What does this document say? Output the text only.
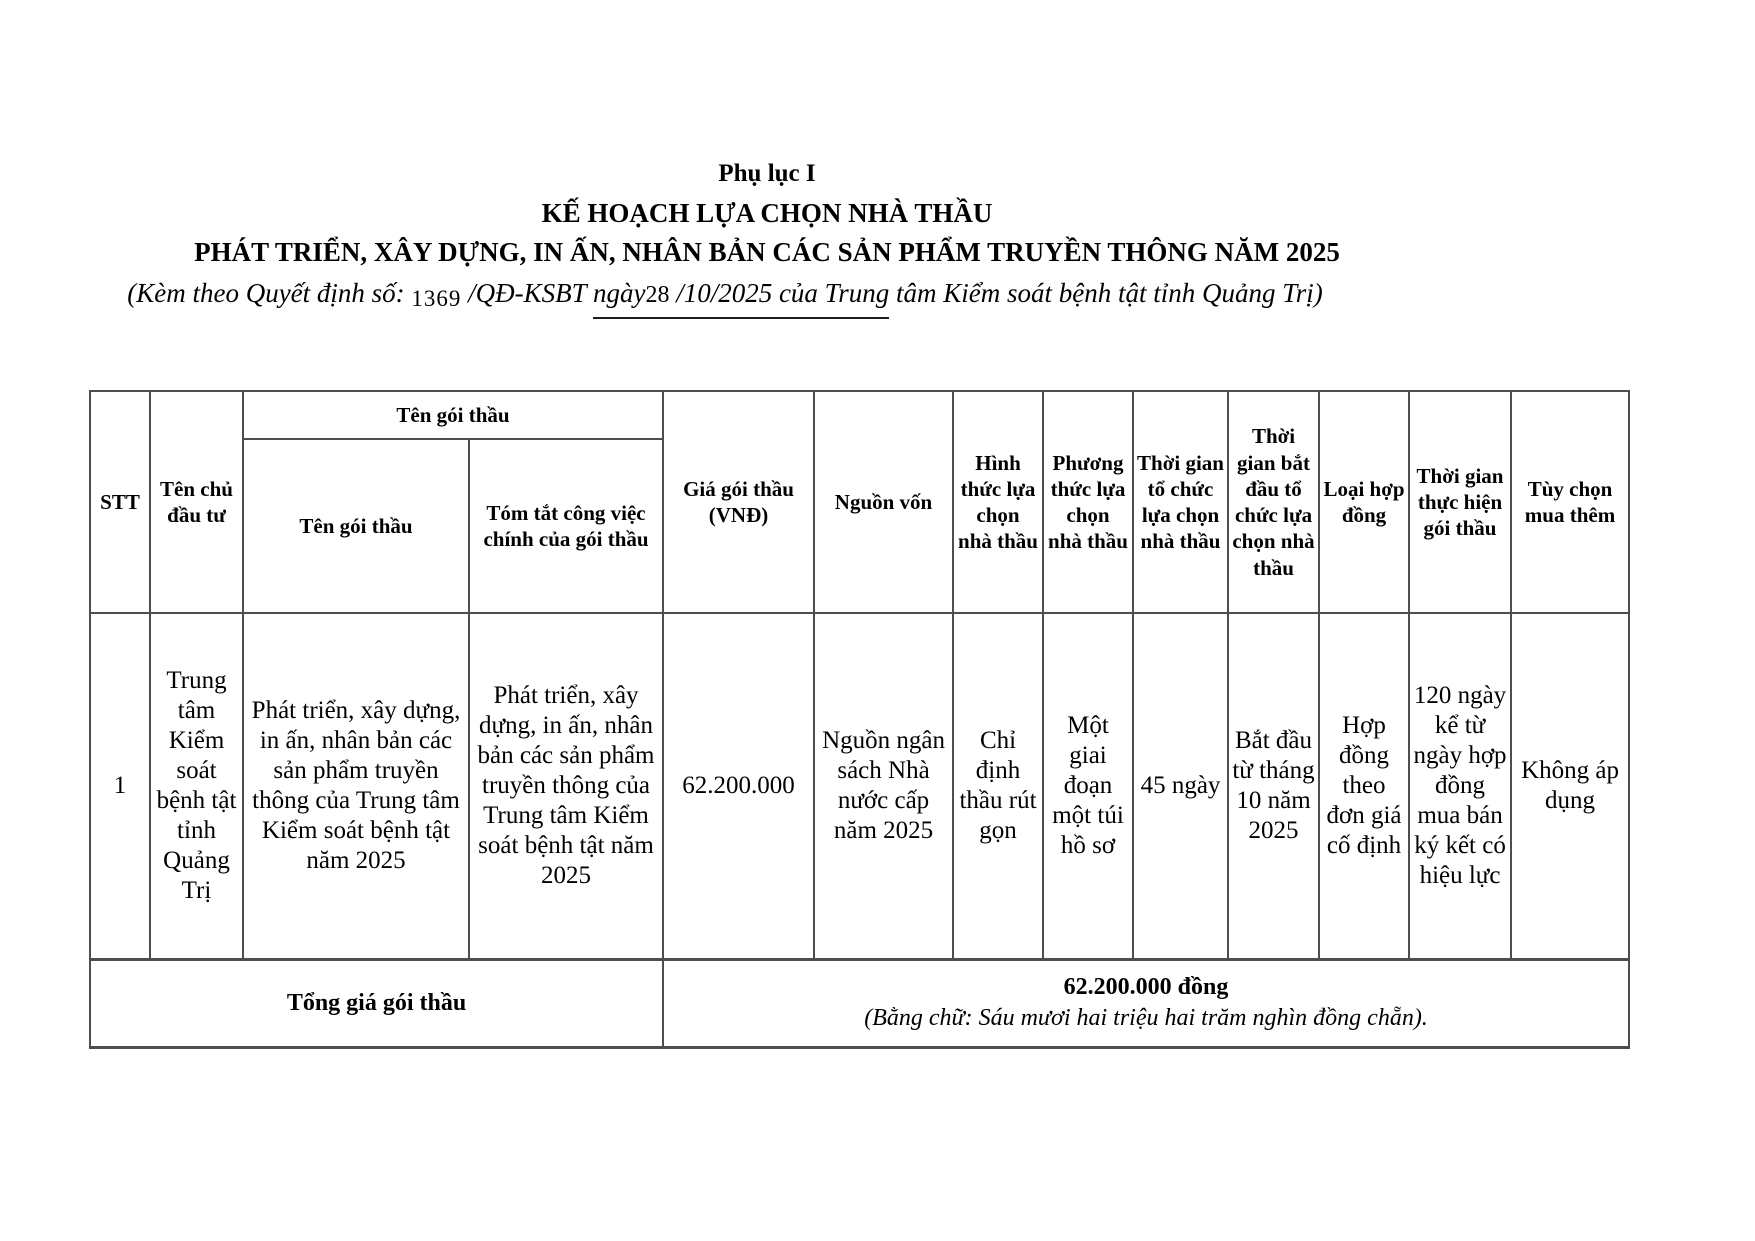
Phụ lục I
KẾ HOẠCH LỰA CHỌN NHÀ THẦU
PHÁT TRIỂN, XÂY DỰNG, IN ẤN, NHÂN BẢN CÁC SẢN PHẨM TRUYỀN THÔNG NĂM 2025
(Kèm theo Quyết định số: 1369 /QĐ-KSBT ngày28 /10/2025 của Trung tâm Kiểm soát bệnh tật tỉnh Quảng Trị)
STT	Tên chủ đầu tư	Tên gói thầu		Giá gói thầu (VNĐ)	Nguồn vốn	Hình thức lựa chọn nhà thầu	Phương thức lựa chọn nhà thầu	Thời gian tổ chức lựa chọn nhà thầu	Thời gian bắt đầu tổ chức lựa chọn nhà thầu	Loại hợp đồng	Thời gian thực hiện gói thầu	Tùy chọn mua thêm
		Tên gói thầu	Tóm tắt công việc chính của gói thầu									
1	Trung tâm Kiểm soát bệnh tật tỉnh Quảng Trị	Phát triển, xây dựng, in ấn, nhân bản các sản phẩm truyền thông của Trung tâm Kiểm soát bệnh tật năm 2025	Phát triển, xây dựng, in ấn, nhân bản các sản phẩm truyền thông của Trung tâm Kiểm soát bệnh tật năm 2025	62.200.000	Nguồn ngân sách Nhà nước cấp năm 2025	Chỉ định thầu rút gọn	Một giai đoạn một túi hồ sơ	45 ngày	Bắt đầu từ tháng 10 năm 2025	Hợp đồng theo đơn giá cố định	120 ngày kể từ ngày hợp đồng mua bán ký kết có hiệu lực	Không áp dụng
Tổng giá gói thầu				62.200.000 đồng
(Bằng chữ: Sáu mươi hai triệu hai trăm nghìn đồng chẵn).								
